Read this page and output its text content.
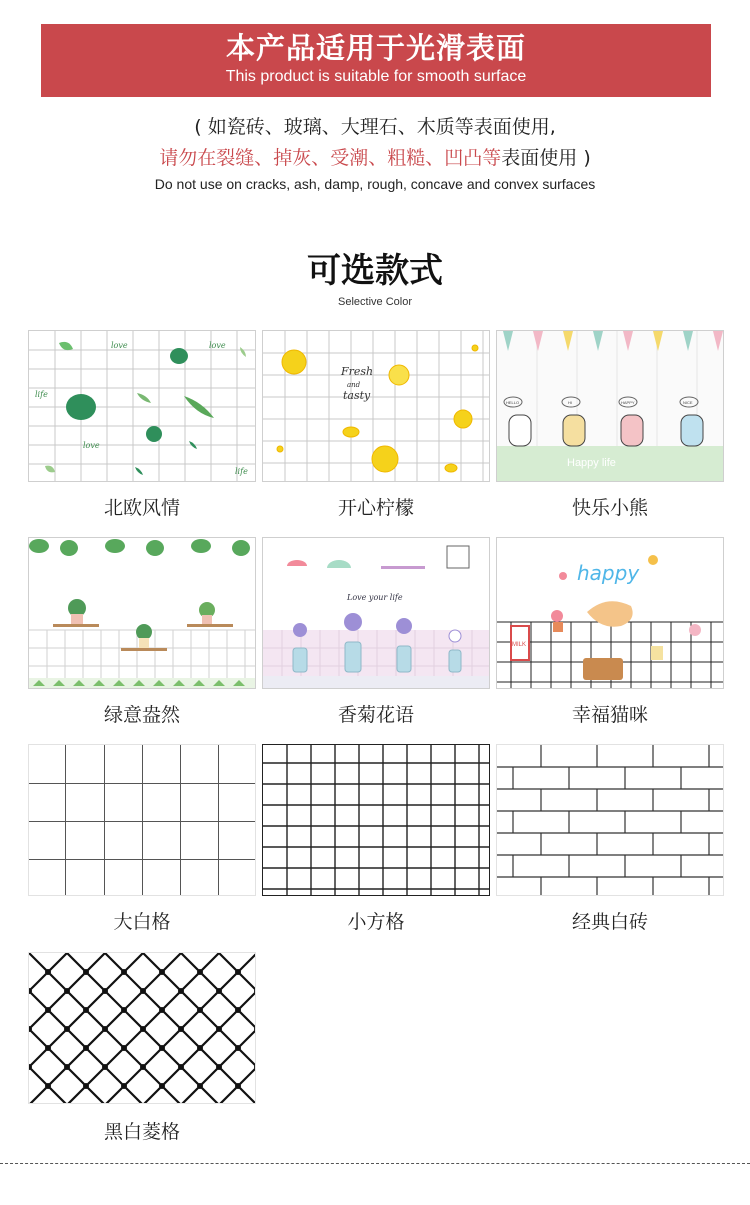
本产品适用于光滑表面
This product is suitable for smooth surface
( 如瓷砖、玻璃、大理石、木质等表面使用,
请勿在裂缝、掉灰、受潮、粗糙、凹凸等表面使用 )
Do not use on cracks, ash, damp, rough, concave and convex surfaces
可选款式
Selective Color
love	love
love
life
life
北欧风情
Fresh
and
tasty
开心柠檬
HELLO	HI	HAPPY	NICE
Happy life
快乐小熊
绿意盎然
Love your life
香菊花语
happy
MILK
幸福猫咪
大白格	小方格	经典白砖
黑白菱格
